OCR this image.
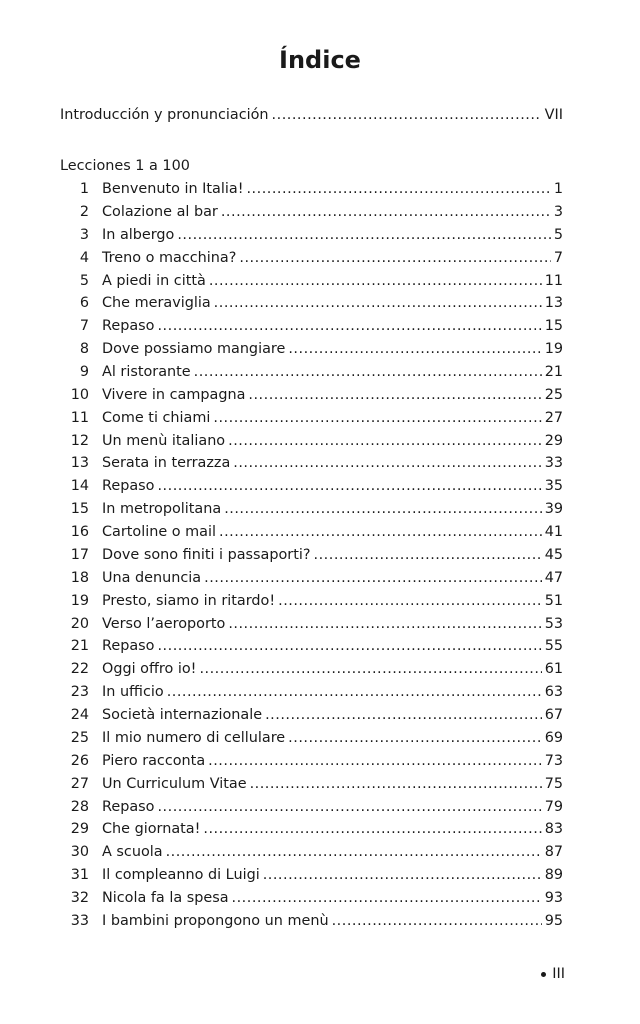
Índice
Introducción y pronunciación .....	VII
Lecciones 1 a 100
1 Benvenuto in Italia! .....	1
2 Colazione al bar .....	3
3 In albergo .....	5
4 Treno o macchina? .....	7
5 A piedi in città .....	11
6 Che meraviglia .....	13
7 Repaso .....	15
8 Dove possiamo mangiare .....	19
9 Al ristorante .....	21
10 Vivere in campagna .....	25
11 Come ti chiami .....	27
12 Un menù italiano .....	29
13 Serata in terrazza .....	33
14 Repaso .....	35
15 In metropolitana .....	39
16 Cartoline o mail .....	41
17 Dove sono finiti i passaporti? .....	45
18 Una denuncia .....	47
19 Presto, siamo in ritardo! .....	51
20 Verso l’aeroporto .....	53
21 Repaso .....	55
22 Oggi offro io! .....	61
23 In ufficio .....	63
24 Società internazionale .....	67
25 Il mio numero di cellulare .....	69
26 Piero racconta .....	73
27 Un Curriculum Vitae .....	75
28 Repaso .....	79
29 Che giornata! .....	83
30 A scuola .....	87
31 Il compleanno di Luigi .....	89
32 Nicola fa la spesa .....	93
33 I bambini propongono un menù .....	95
III
